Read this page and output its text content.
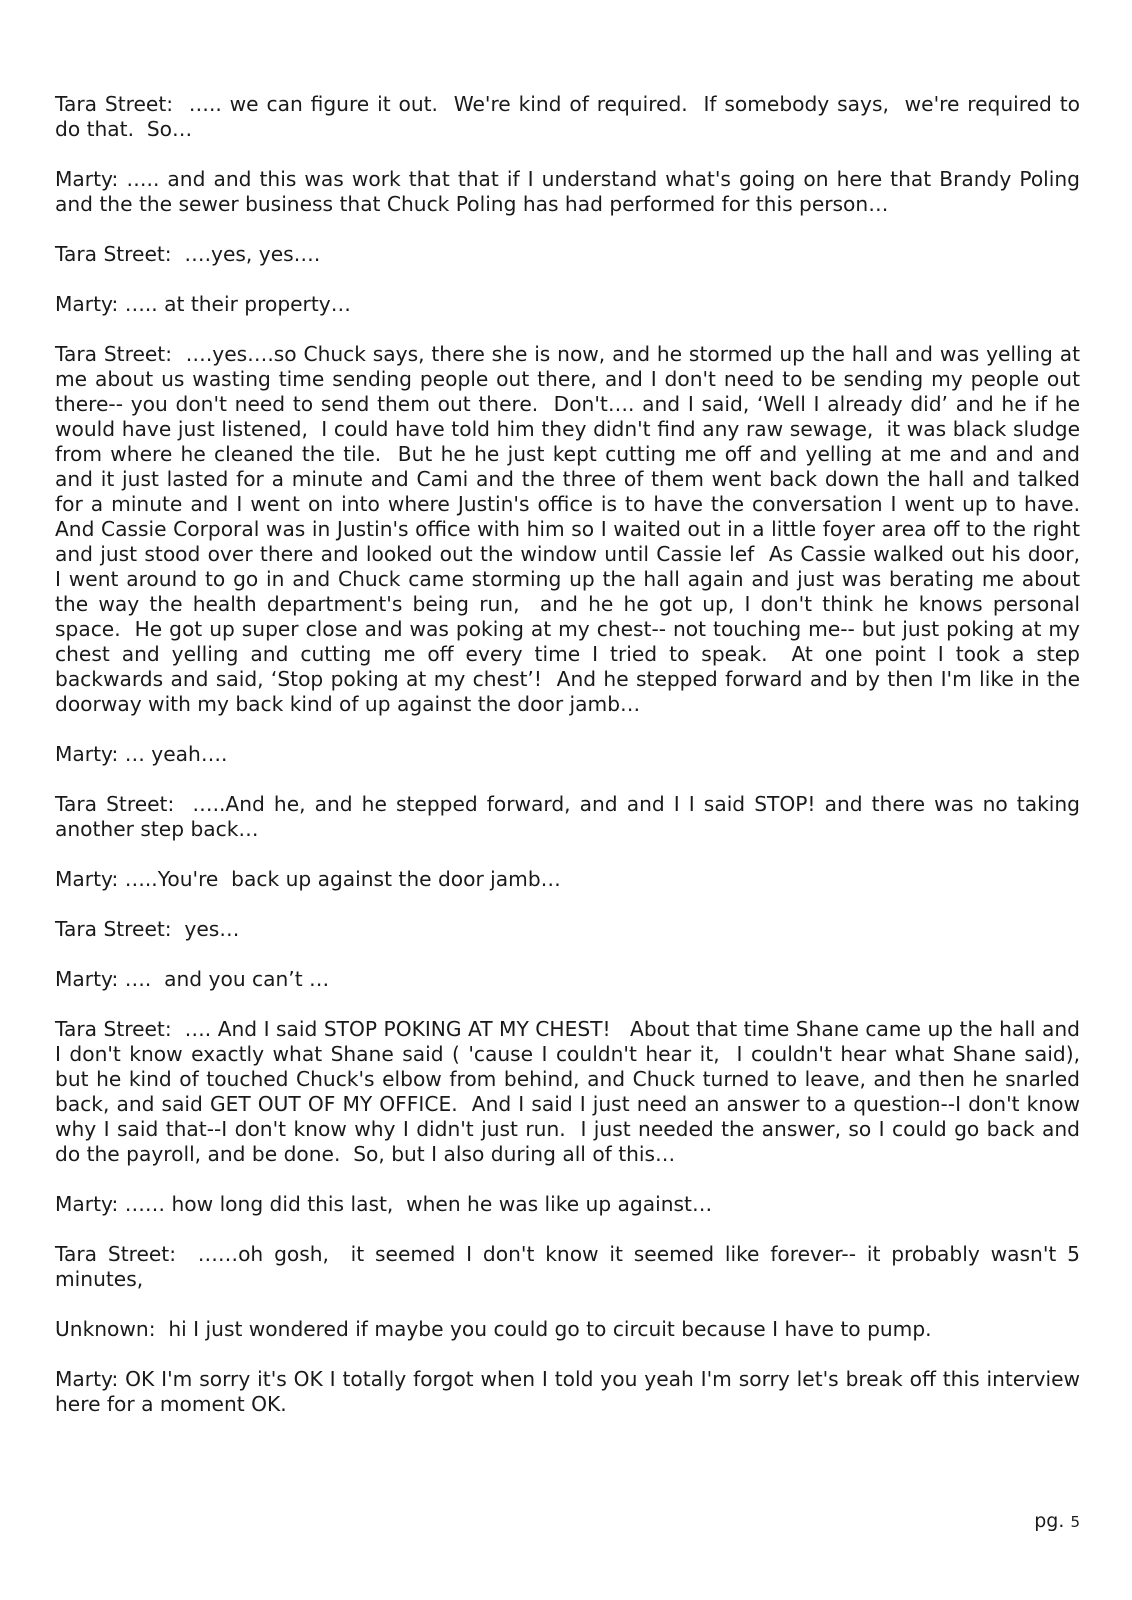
Tara Street:  ….. we can figure it out.  We're kind of required.  If somebody says,  we're required to do that.  So…

Marty: ….. and and this was work that that if I understand what's going on here that Brandy Poling and the the sewer business that Chuck Poling has had performed for this person…

Tara Street:  ….yes, yes….

Marty: ….. at their property…

Tara Street:  ….yes….so Chuck says, there she is now, and he stormed up the hall and was yelling at me about us wasting time sending people out there, and I don't need to be sending my people out there-- you don't need to send them out there.  Don't…. and I said, ‘Well I already did’ and he if he would have just listened,  I could have told him they didn't find any raw sewage,  it was black sludge from where he cleaned the tile.  But he he just kept cutting me off and yelling at me and and and and it just lasted for a minute and Cami and the three of them went back down the hall and talked for a minute and I went on into where Justin's office is to have the conversation I went up to have.  And Cassie Corporal was in Justin's office with him so I waited out in a little foyer area off to the right and just stood over there and looked out the window until Cassie lef  As Cassie walked out his door,  I went around to go in and Chuck came storming up the hall again and just was berating me about the way the health department's being run,  and he he got up, I don't think he knows personal space.  He got up super close and was poking at my chest-- not touching me-- but just poking at my chest and yelling and cutting me off every time I tried to speak.  At one point I took a step backwards and said, ‘Stop poking at my chest’!  And he stepped forward and by then I'm like in the doorway with my back kind of up against the door jamb…

Marty: … yeah….

Tara Street:  …..And he, and he stepped forward, and and I I said STOP! and there was no taking another step back…

Marty: …..You're  back up against the door jamb…

Tara Street:  yes…

Marty: ….  and you can’t …

Tara Street:  …. And I said STOP POKING AT MY CHEST!   About that time Shane came up the hall and I don't know exactly what Shane said ( 'cause I couldn't hear it,  I couldn't hear what Shane said), but he kind of touched Chuck's elbow from behind, and Chuck turned to leave, and then he snarled back, and said GET OUT OF MY OFFICE.  And I said I just need an answer to a question--I don't know why I said that--I don't know why I didn't just run.  I just needed the answer, so I could go back and do the payroll, and be done.  So, but I also during all of this…

Marty: …… how long did this last,  when he was like up against…

Tara Street:  ……oh gosh,  it seemed I don't know it seemed like forever-- it probably wasn't 5 minutes,

Unknown:  hi I just wondered if maybe you could go to circuit because I have to pump.

Marty: OK I'm sorry it's OK I totally forgot when I told you yeah I'm sorry let's break off this interview here for a moment OK.

pg. 5
